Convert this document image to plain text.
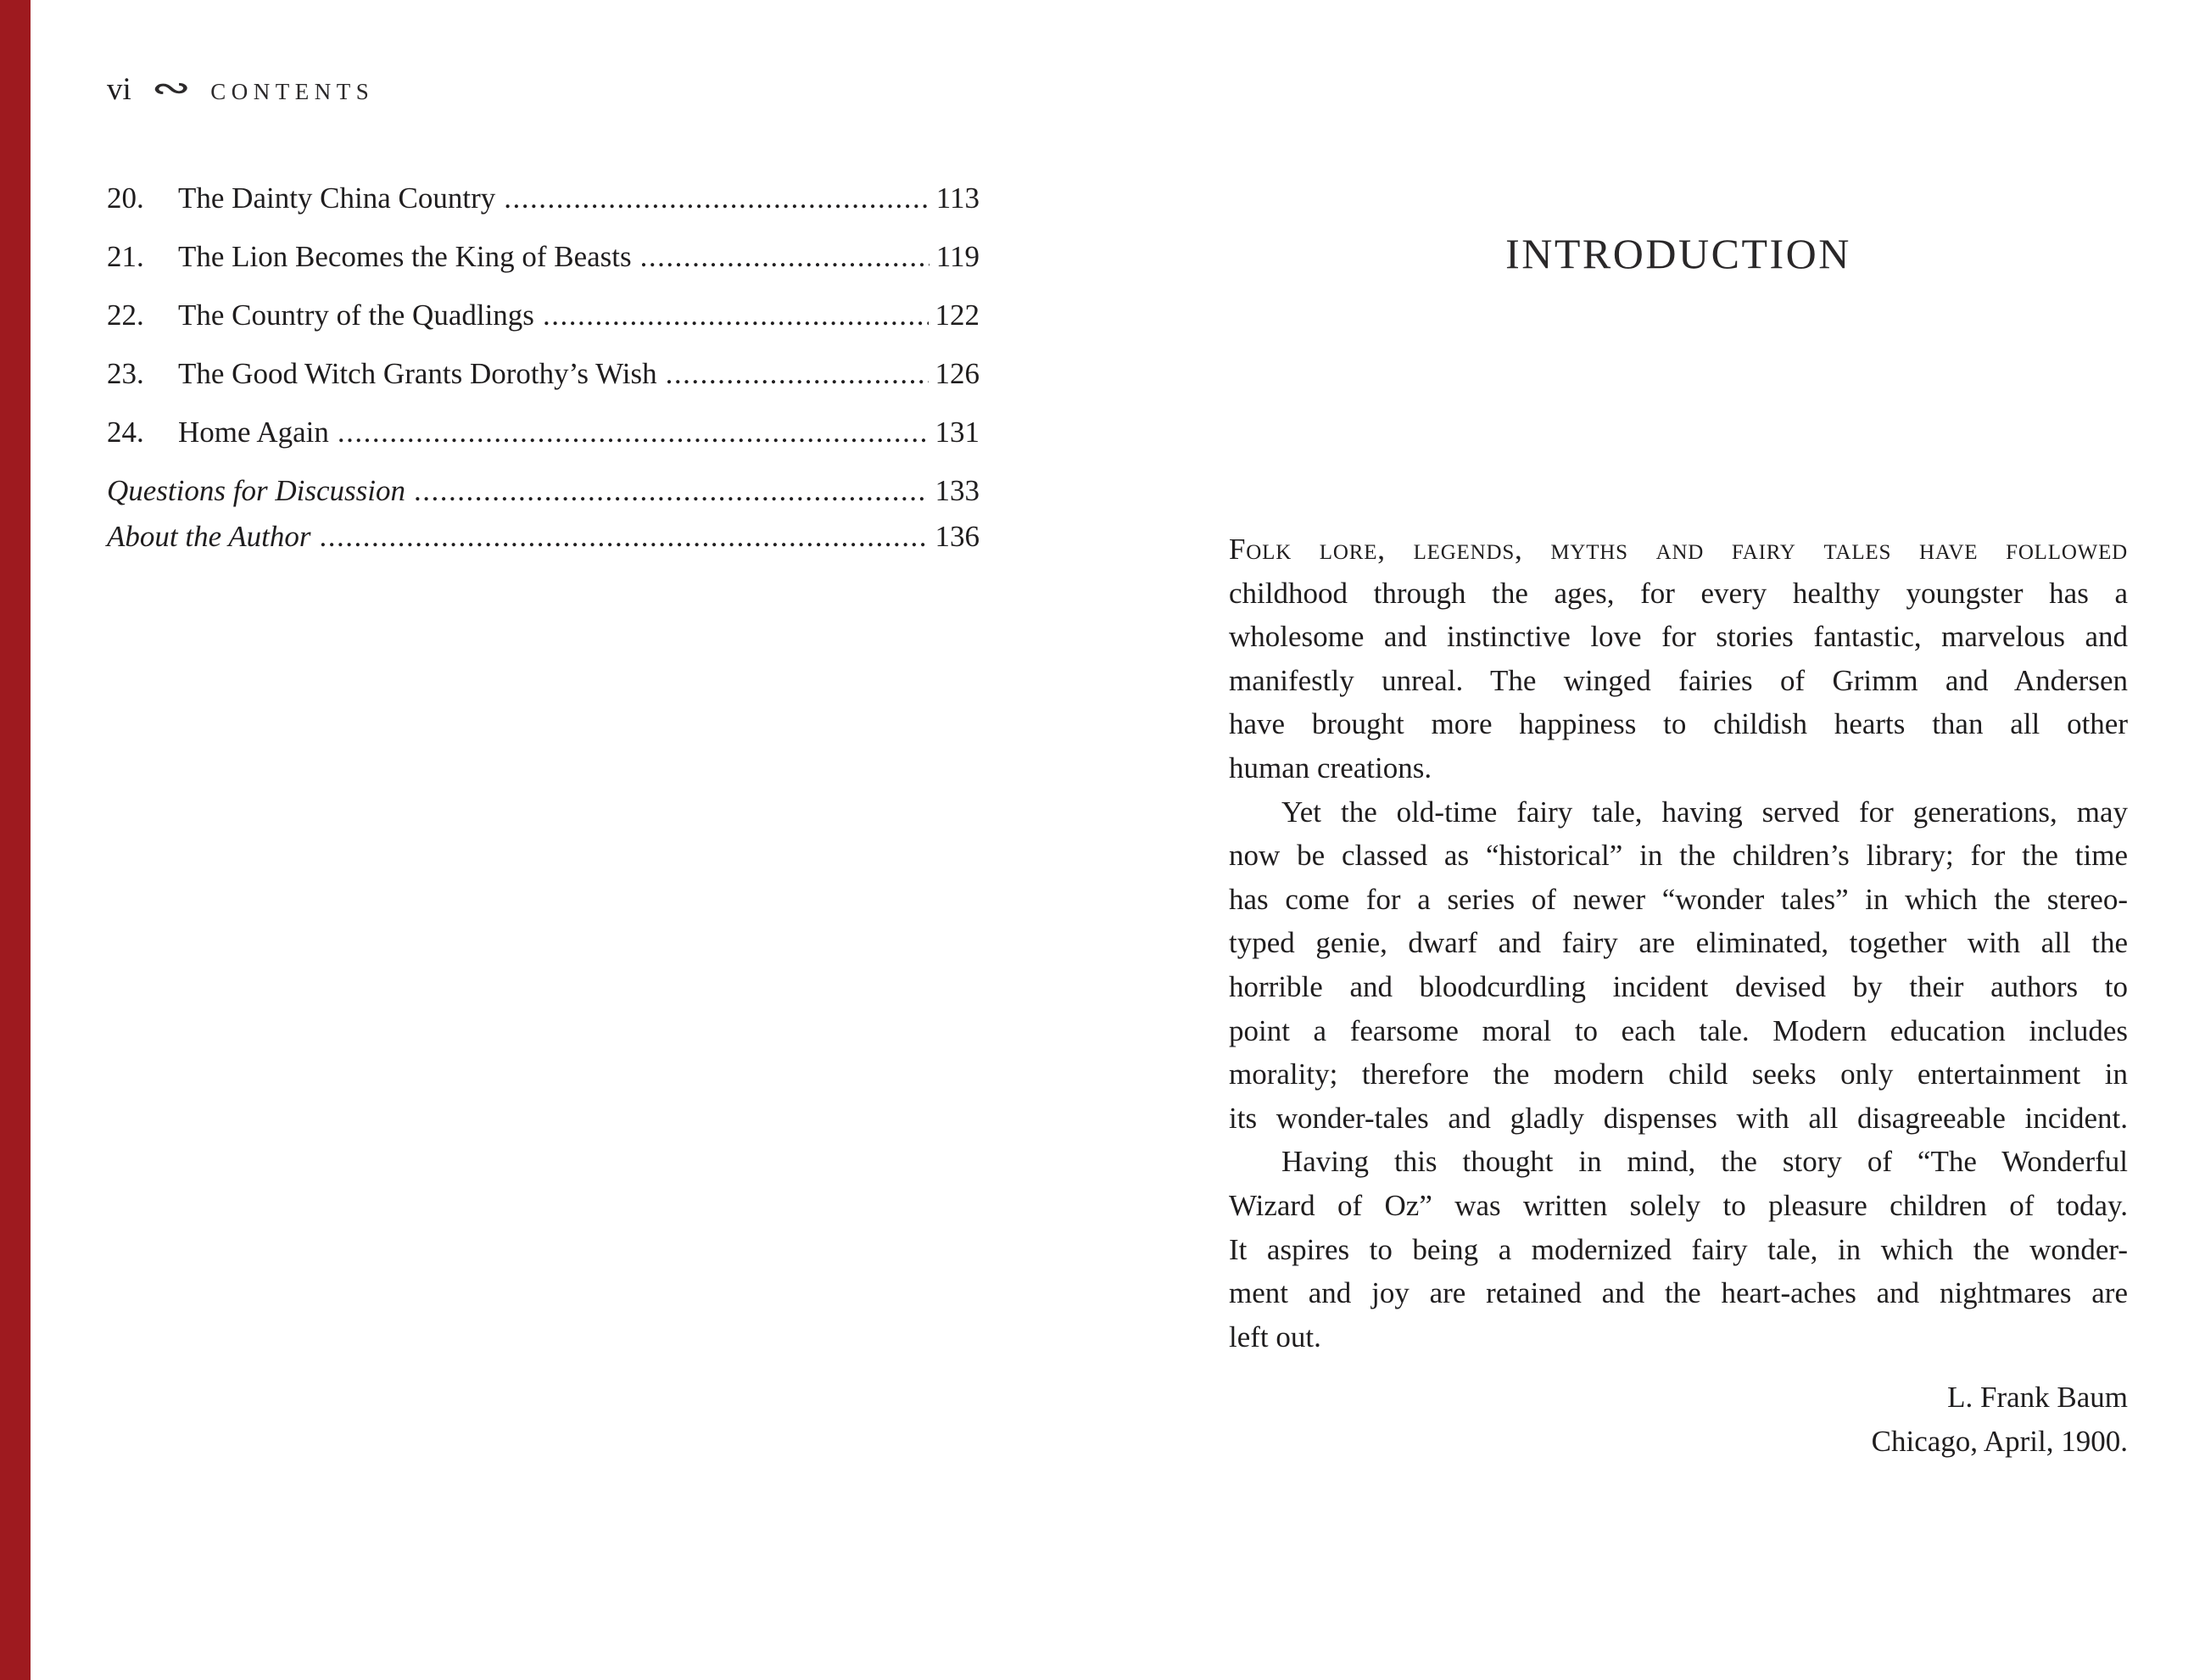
vi ∾ CONTENTS
20.	The Dainty China Country .....	113
21.	The Lion Becomes the King of Beasts .....	119
22.	The Country of the Quadlings .....	122
23.	The Good Witch Grants Dorothy’s Wish .....	126
24.	Home Again .....	131
Questions for Discussion .....	133
About the Author .....	136
INTRODUCTION
Folk lore, legends, myths and fairy tales have followed
childhood through the ages, for every healthy youngster has a
wholesome and instinctive love for stories fantastic, marvelous and
manifestly unreal. The winged fairies of Grimm and Andersen
have brought more happiness to childish hearts than all other
human creations.
Yet the old-time fairy tale, having served for generations, may
now be classed as “historical” in the children’s library; for the time
has come for a series of newer “wonder tales” in which the stereo-
typed genie, dwarf and fairy are eliminated, together with all the
horrible and bloodcurdling incident devised by their authors to
point a fearsome moral to each tale. Modern education includes
morality; therefore the modern child seeks only entertainment in
its wonder-tales and gladly dispenses with all disagreeable incident.
Having this thought in mind, the story of “The Wonderful
Wizard of Oz” was written solely to pleasure children of today.
It aspires to being a modernized fairy tale, in which the wonder-
ment and joy are retained and the heart-aches and nightmares are
left out.
L. Frank Baum
Chicago, April, 1900.
